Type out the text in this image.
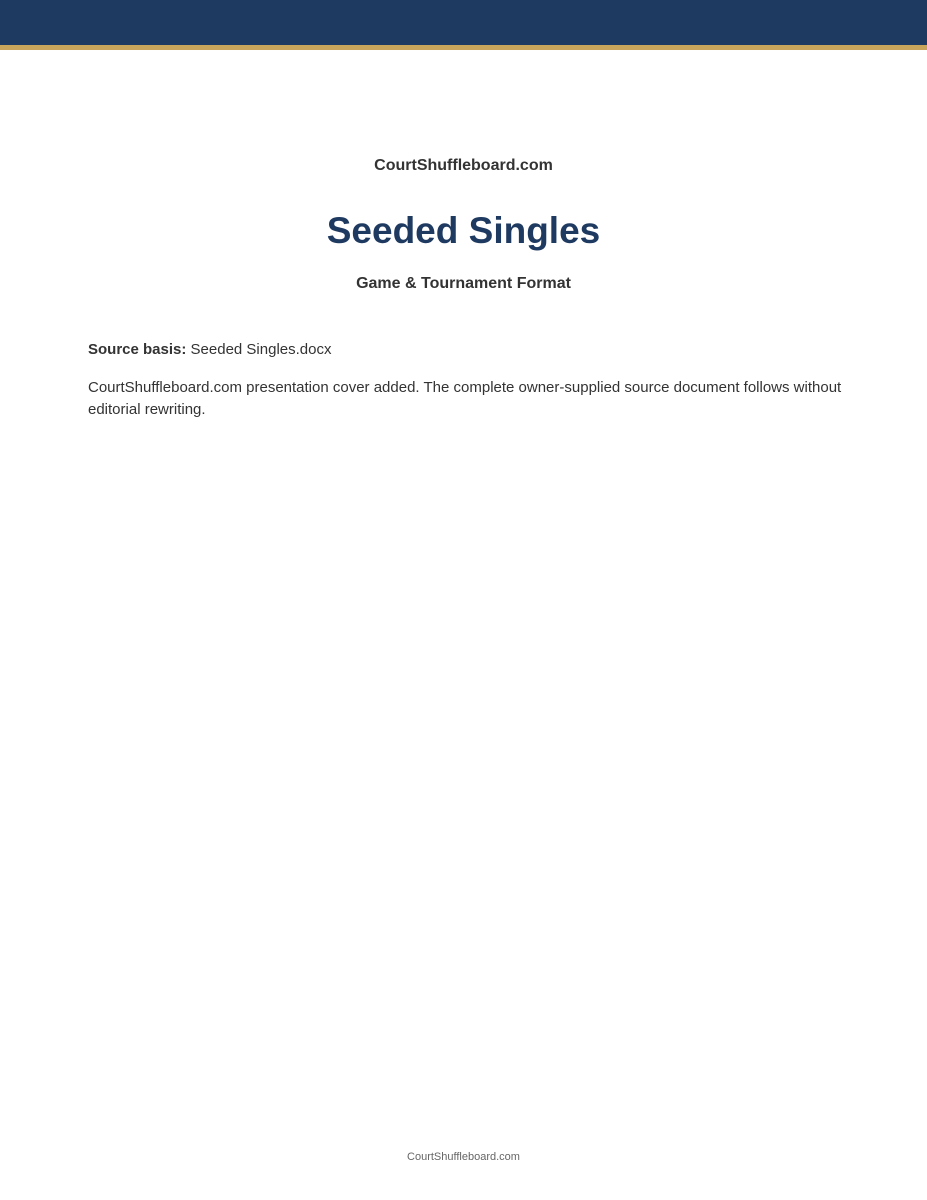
CourtShuffleboard.com
Seeded Singles
Game & Tournament Format
Source basis: Seeded Singles.docx

CourtShuffleboard.com presentation cover added. The complete owner-supplied source document follows without editorial rewriting.

CourtShuffleboard.com
